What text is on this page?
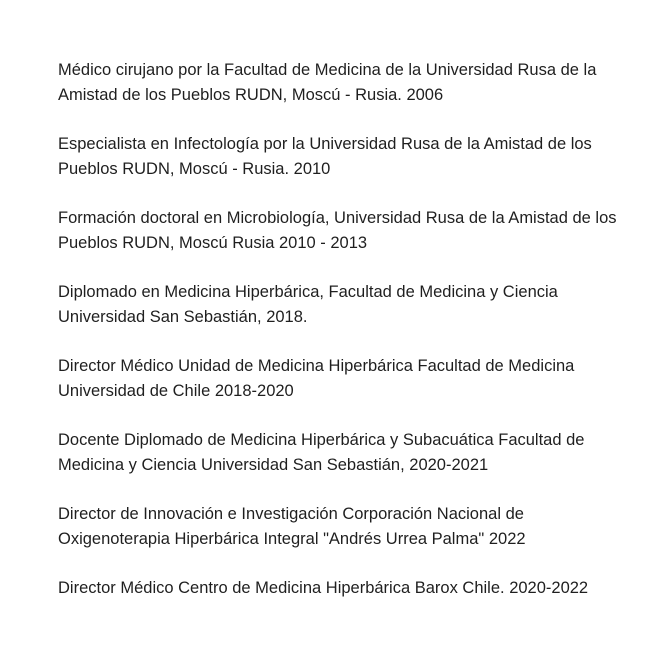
Médico cirujano por la Facultad de Medicina de la Universidad Rusa de la Amistad de los Pueblos RUDN, Moscú - Rusia. 2006

Especialista en Infectología por la Universidad Rusa de la Amistad de los Pueblos RUDN, Moscú - Rusia. 2010

Formación doctoral en Microbiología, Universidad Rusa de la Amistad de los Pueblos RUDN, Moscú Rusia 2010 - 2013

Diplomado en Medicina Hiperbárica, Facultad de Medicina y Ciencia Universidad San Sebastián, 2018.

Director Médico Unidad de Medicina Hiperbárica Facultad de Medicina Universidad de Chile 2018-2020

Docente Diplomado de Medicina Hiperbárica y Subacuática Facultad de Medicina y Ciencia Universidad San Sebastián, 2020-2021

Director de Innovación e Investigación Corporación Nacional de Oxigenoterapia Hiperbárica Integral "Andrés Urrea Palma" 2022

Director Médico Centro de Medicina Hiperbárica Barox Chile. 2020-2022
